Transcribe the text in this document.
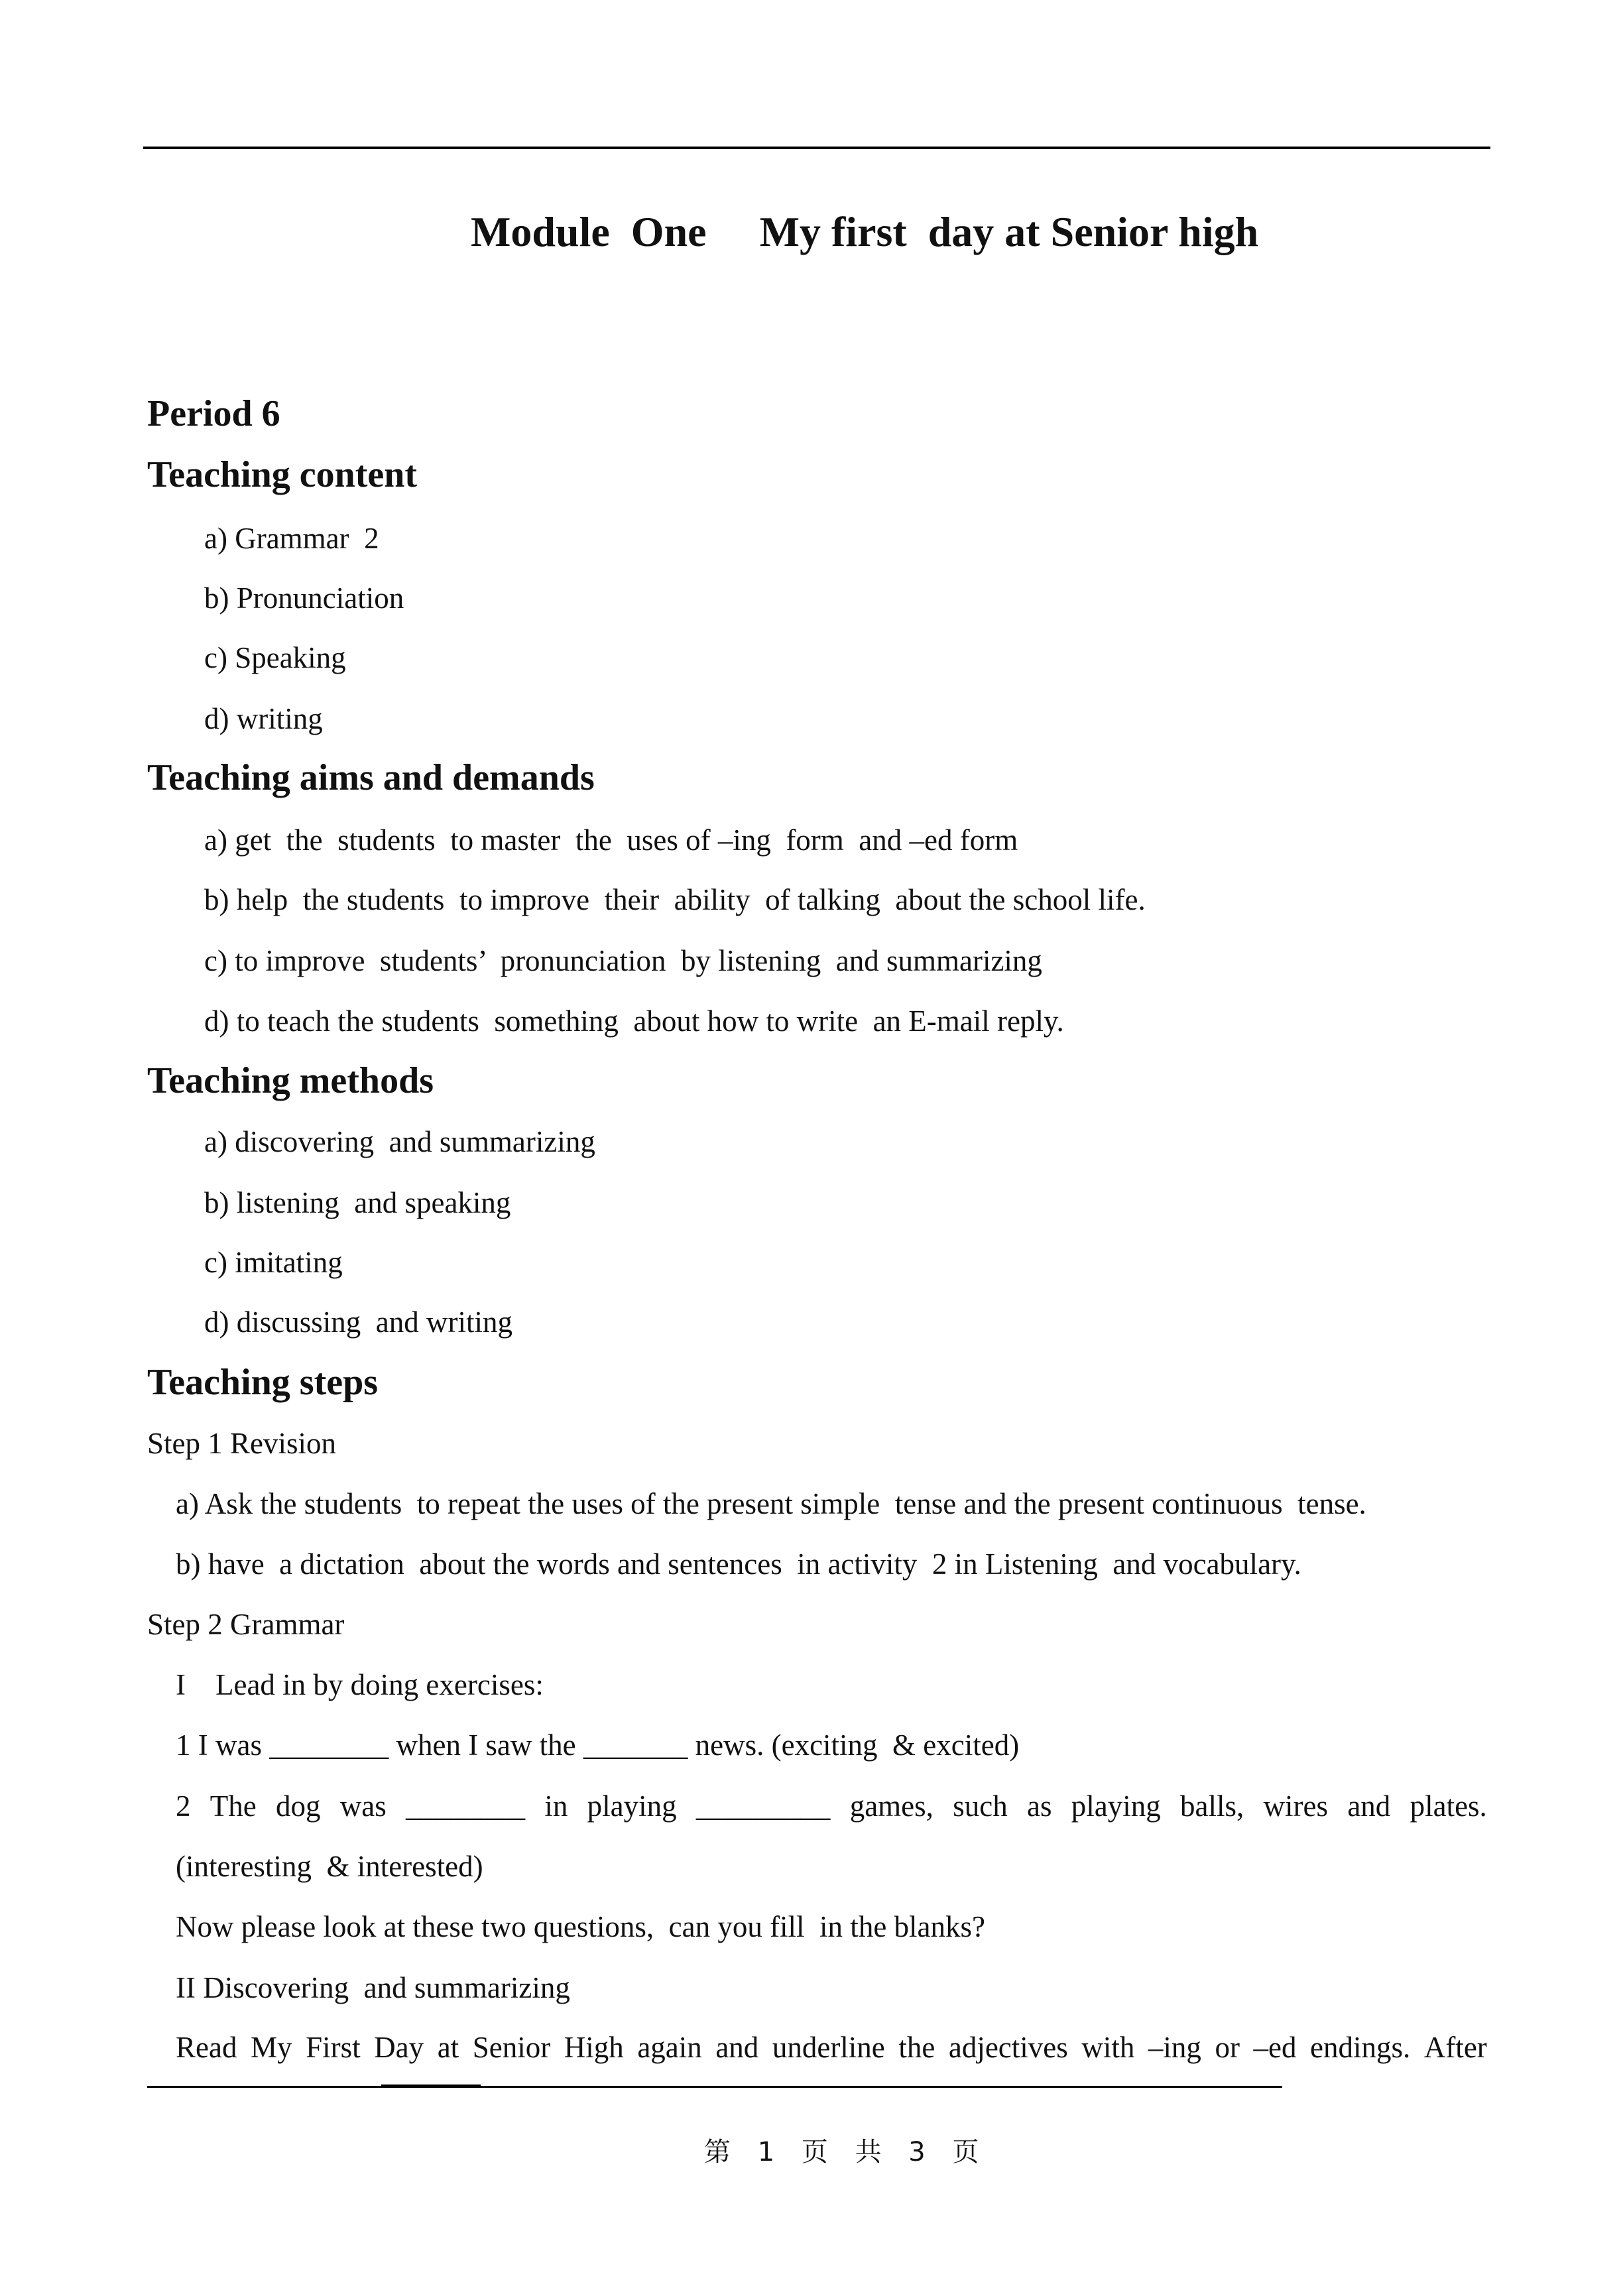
Module  One     My first  day at Senior high
Period 6
Teaching content
a) Grammar  2
b) Pronunciation
c) Speaking
d) writing
Teaching aims and demands
a) get  the  students  to master  the  uses of –ing  form  and –ed form
b) help  the students  to improve  their  ability  of talking  about the school life.
c) to improve  students’  pronunciation  by listening  and summarizing
d) to teach the students  something  about how to write  an E-mail reply.
Teaching methods
a) discovering  and summarizing
b) listening  and speaking
c) imitating
d) discussing  and writing
Teaching steps
Step 1 Revision
a) Ask the students  to repeat the uses of the present simple  tense and the present continuous  tense.
b) have  a dictation  about the words and sentences  in activity  2 in Listening  and vocabulary.
Step 2 Grammar
I    Lead in by doing exercises:
1 I was ________ when I saw the _______ news. (exciting  & excited)
2 The dog was ________ in playing _________ games, such as playing balls, wires and plates.
(interesting  & interested)
Now please look at these two questions,  can you fill  in the blanks?
II Discovering  and summarizing
Read My First Day at Senior High again and underline the adjectives with –ing or –ed endings. After
第 1 页 共 3 页
